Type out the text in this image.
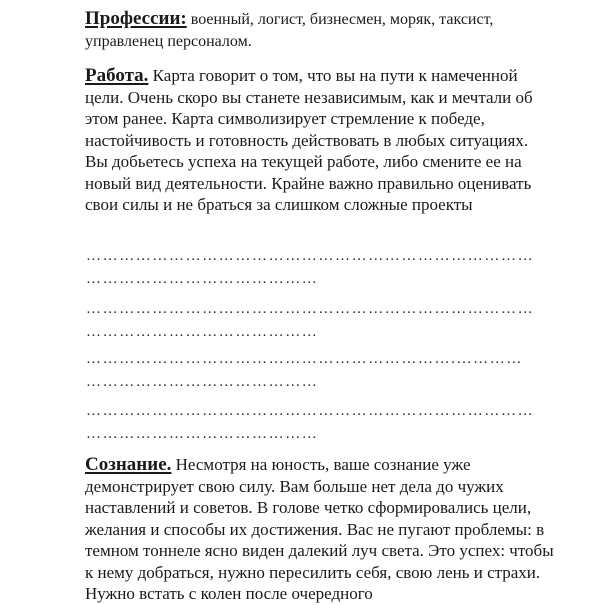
Профессии: военный, логист, бизнесмен, моряк, таксист, управленец персоналом.

Работа. Карта говорит о том, что вы на пути к намеченной цели. Очень скоро вы станете независимым, как и мечтали об этом ранее. Карта символизирует стремление к победе, настойчивость и готовность действовать в любых ситуациях. Вы добьетесь успеха на текущей работе, либо смените ее на новый вид деятельности. Крайне важно правильно оценивать свои силы и не браться за слишком сложные проекты

………………………………………………………………………
……………………………………
………………………………………………………………………
……………………………………
………………………………………………………….…………
……………………………………
………………………………………………………………………
……………………………………

Сознание. Несмотря на юность, ваше сознание уже демонстрирует свою силу. Вам больше нет дела до чужих наставлений и советов. В голове четко сформировались цели, желания и способы их достижения. Вас не пугают проблемы: в темном тоннеле ясно виден далекий луч света. Это успех: чтобы к нему добраться, нужно пересилить себя, свою лень и страхи. Нужно встать с колен после очередного
